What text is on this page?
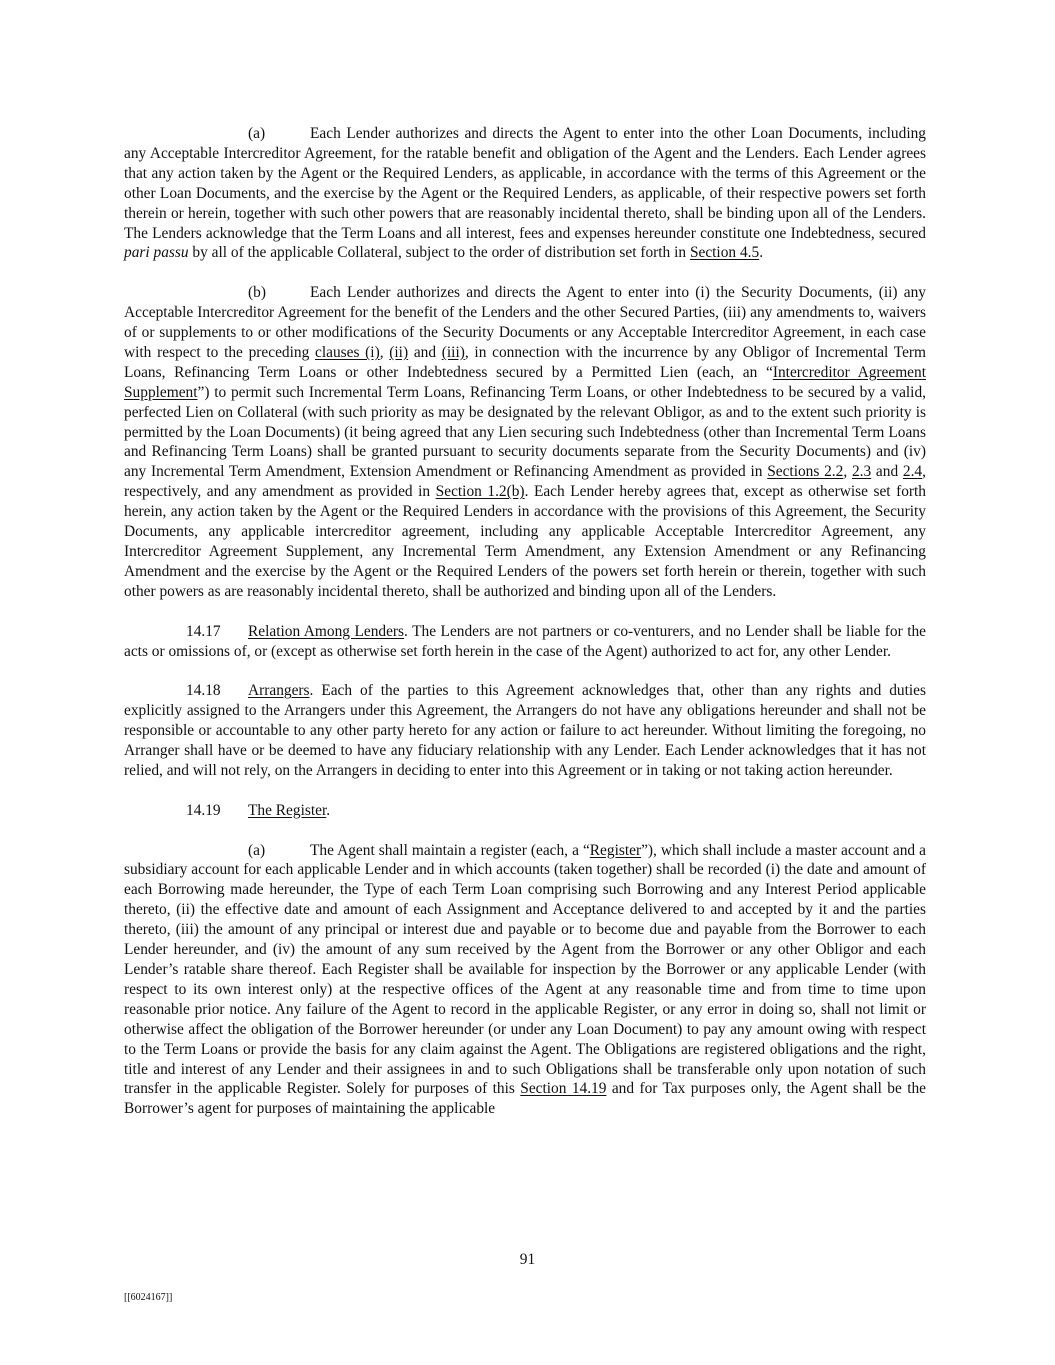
(a)	Each Lender authorizes and directs the Agent to enter into the other Loan Documents, including any Acceptable Intercreditor Agreement, for the ratable benefit and obligation of the Agent and the Lenders. Each Lender agrees that any action taken by the Agent or the Required Lenders, as applicable, in accordance with the terms of this Agreement or the other Loan Documents, and the exercise by the Agent or the Required Lenders, as applicable, of their respective powers set forth therein or herein, together with such other powers that are reasonably incidental thereto, shall be binding upon all of the Lenders. The Lenders acknowledge that the Term Loans and all interest, fees and expenses hereunder constitute one Indebtedness, secured pari passu by all of the applicable Collateral, subject to the order of distribution set forth in Section 4.5.

(b)	Each Lender authorizes and directs the Agent to enter into (i) the Security Documents, (ii) any Acceptable Intercreditor Agreement for the benefit of the Lenders and the other Secured Parties, (iii) any amendments to, waivers of or supplements to or other modifications of the Security Documents or any Acceptable Intercreditor Agreement, in each case with respect to the preceding clauses (i), (ii) and (iii), in connection with the incurrence by any Obligor of Incremental Term Loans, Refinancing Term Loans or other Indebtedness secured by a Permitted Lien (each, an “Intercreditor Agreement Supplement”) to permit such Incremental Term Loans, Refinancing Term Loans, or other Indebtedness to be secured by a valid, perfected Lien on Collateral (with such priority as may be designated by the relevant Obligor, as and to the extent such priority is permitted by the Loan Documents) (it being agreed that any Lien securing such Indebtedness (other than Incremental Term Loans and Refinancing Term Loans) shall be granted pursuant to security documents separate from the Security Documents) and (iv) any Incremental Term Amendment, Extension Amendment or Refinancing Amendment as provided in Sections 2.2, 2.3 and 2.4, respectively, and any amendment as provided in Section 1.2(b). Each Lender hereby agrees that, except as otherwise set forth herein, any action taken by the Agent or the Required Lenders in accordance with the provisions of this Agreement, the Security Documents, any applicable intercreditor agreement, including any applicable Acceptable Intercreditor Agreement, any Intercreditor Agreement Supplement, any Incremental Term Amendment, any Extension Amendment or any Refinancing Amendment and the exercise by the Agent or the Required Lenders of the powers set forth herein or therein, together with such other powers as are reasonably incidental thereto, shall be authorized and binding upon all of the Lenders.

14.17 Relation Among Lenders. The Lenders are not partners or co-venturers, and no Lender shall be liable for the acts or omissions of, or (except as otherwise set forth herein in the case of the Agent) authorized to act for, any other Lender.

14.18 Arrangers. Each of the parties to this Agreement acknowledges that, other than any rights and duties explicitly assigned to the Arrangers under this Agreement, the Arrangers do not have any obligations hereunder and shall not be responsible or accountable to any other party hereto for any action or failure to act hereunder. Without limiting the foregoing, no Arranger shall have or be deemed to have any fiduciary relationship with any Lender. Each Lender acknowledges that it has not relied, and will not rely, on the Arrangers in deciding to enter into this Agreement or in taking or not taking action hereunder.

14.19 The Register.

(a)	The Agent shall maintain a register (each, a “Register”), which shall include a master account and a subsidiary account for each applicable Lender and in which accounts (taken together) shall be recorded (i) the date and amount of each Borrowing made hereunder, the Type of each Term Loan comprising such Borrowing and any Interest Period applicable thereto, (ii) the effective date and amount of each Assignment and Acceptance delivered to and accepted by it and the parties thereto, (iii) the amount of any principal or interest due and payable or to become due and payable from the Borrower to each Lender hereunder, and (iv) the amount of any sum received by the Agent from the Borrower or any other Obligor and each Lender’s ratable share thereof. Each Register shall be available for inspection by the Borrower or any applicable Lender (with respect to its own interest only) at the respective offices of the Agent at any reasonable time and from time to time upon reasonable prior notice. Any failure of the Agent to record in the applicable Register, or any error in doing so, shall not limit or otherwise affect the obligation of the Borrower hereunder (or under any Loan Document) to pay any amount owing with respect to the Term Loans or provide the basis for any claim against the Agent. The Obligations are registered obligations and the right, title and interest of any Lender and their assignees in and to such Obligations shall be transferable only upon notation of such transfer in the applicable Register. Solely for purposes of this Section 14.19 and for Tax purposes only, the Agent shall be the Borrower’s agent for purposes of maintaining the applicable

91
[[6024167]]
